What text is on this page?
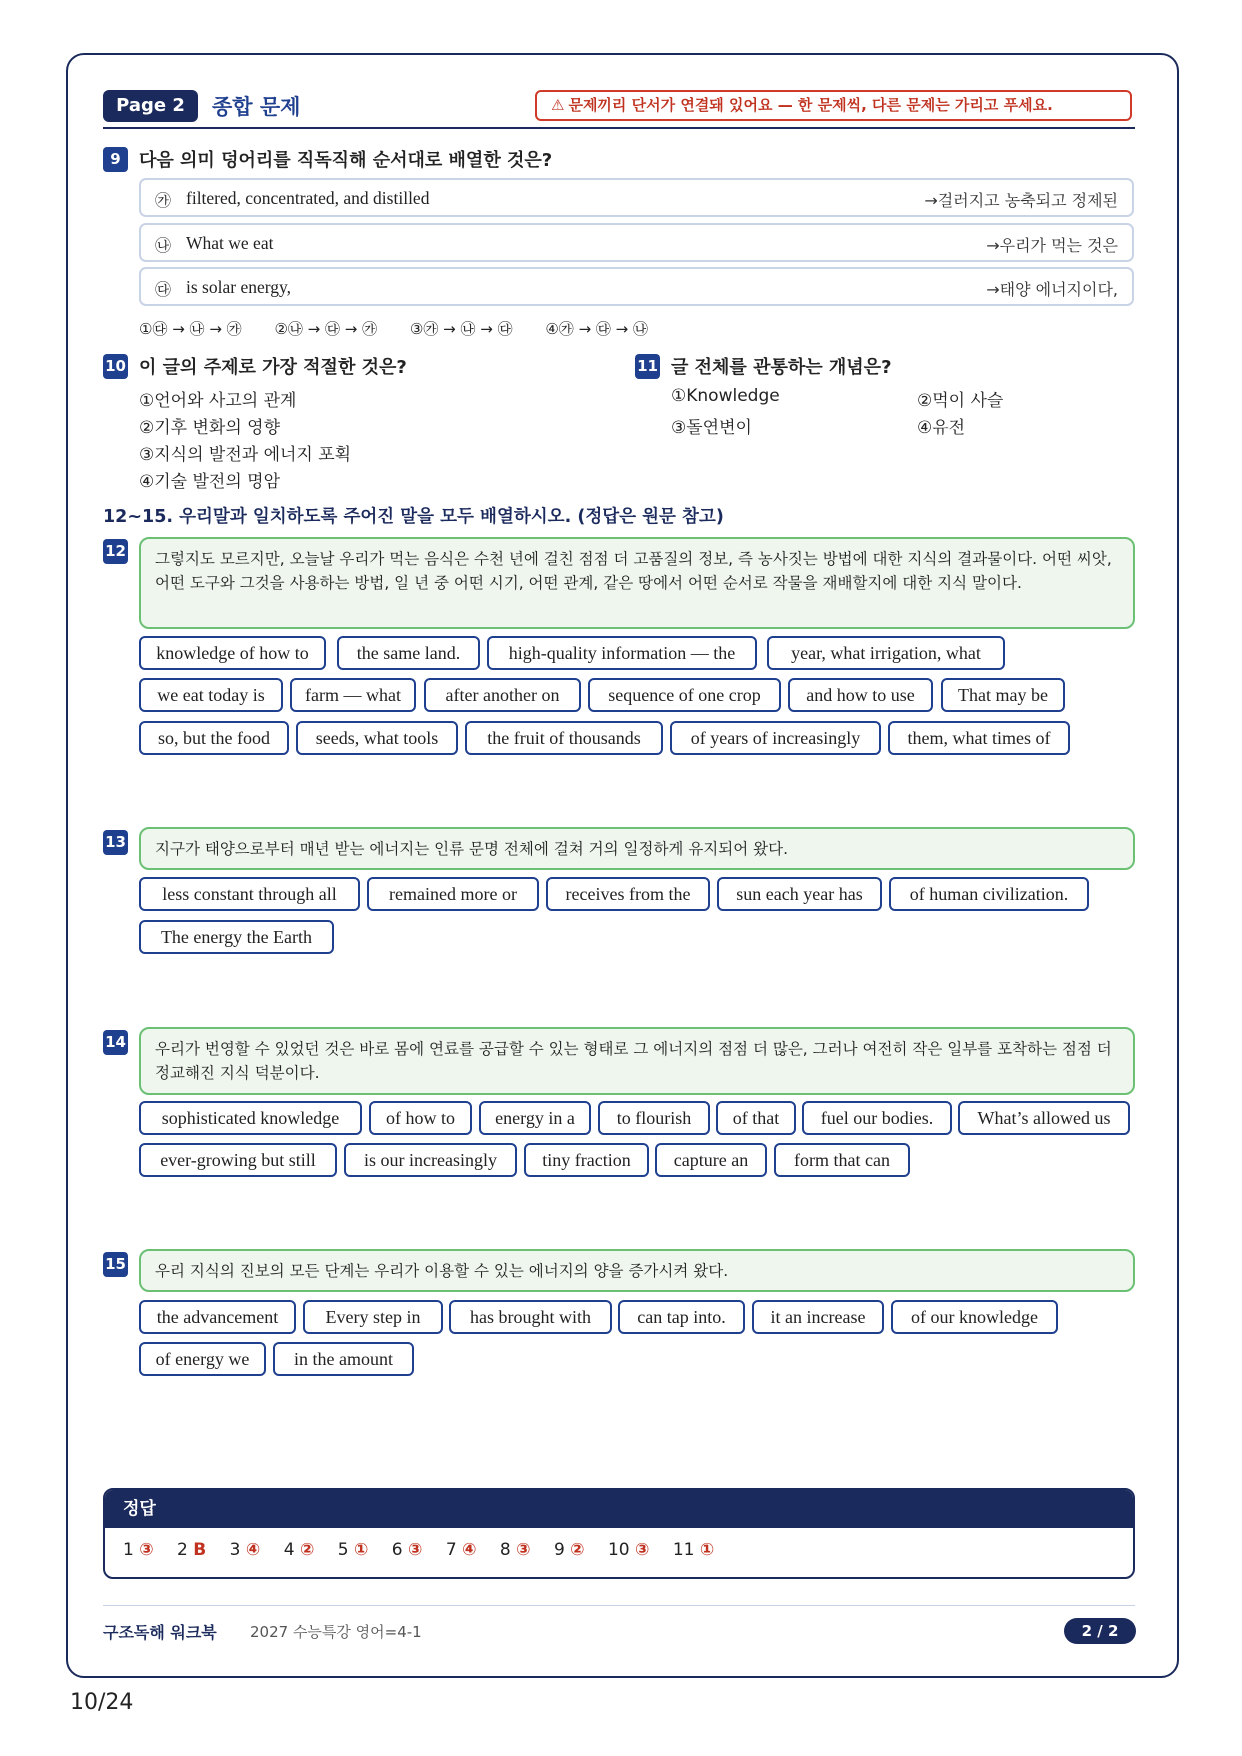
Page 2	종합 문제	⚠ 문제끼리 단서가 연결돼 있어요 — 한 문제씩, 다른 문제는 가리고 푸세요.
9	다음 의미 덩어리를 직독직해 순서대로 배열한 것은?
㉮ filtered, concentrated, and distilled	→걸러지고 농축되고 정제된
㉯ What we eat	→우리가 먹는 것은
㉰ is solar energy,	→태양 에너지이다,
①㉰ → ㉯ → ㉮ ②㉯ → ㉰ → ㉮ ③㉮ → ㉯ → ㉰ ④㉮ → ㉰ → ㉯
10 이 글의 주제로 가장 적절한 것은?
①언어와 사고의 관계
②기후 변화의 영향
③지식의 발전과 에너지 포획
④기술 발전의 명암
11 글 전체를 관통하는 개념은?
①Knowledge	②먹이 사슬
③돌연변이	④유전
12~15. 우리말과 일치하도록 주어진 말을 모두 배열하시오. (정답은 원문 참고)
12	그렇지도 모르지만, 오늘날 우리가 먹는 음식은 수천 년에 걸친 점점 더 고품질의 정보, 즉 농사짓는 방법에 대한 지식의 결과물이다. 어떤 씨앗, 어떤 도구와 그것을 사용하는 방법, 일 년 중 어떤 시기, 어떤 관계, 같은 땅에서 어떤 순서로 작물을 재배할지에 대한 지식 말이다.
knowledge of how to	the same land.	high-quality information — the	year, what irrigation, what
we eat today is	farm — what	after another on	sequence of one crop	and how to use	That may be
so, but the food	seeds, what tools	the fruit of thousands	of years of increasingly	them, what times of
13	지구가 태양으로부터 매년 받는 에너지는 인류 문명 전체에 걸쳐 거의 일정하게 유지되어 왔다.
less constant through all	remained more or	receives from the	sun each year has	of human civilization.
The energy the Earth
14	우리가 번영할 수 있었던 것은 바로 몸에 연료를 공급할 수 있는 형태로 그 에너지의 점점 더 많은, 그러나 여전히 작은 일부를 포착하는 점점 더 정교해진 지식 덕분이다.
sophisticated knowledge	of how to	energy in a	to flourish	of that	fuel our bodies.	What’s allowed us
ever-growing but still	is our increasingly	tiny fraction	capture an	form that can
15	우리 지식의 진보의 모든 단계는 우리가 이용할 수 있는 에너지의 양을 증가시켜 왔다.
the advancement	Every step in	has brought with	can tap into.	it an increase	of our knowledge
of energy we	in the amount
정답
1 ③ 2 B 3 ④ 4 ② 5 ① 6 ③ 7 ④ 8 ③ 9 ② 10 ③ 11 ①
구조독해 워크북 2027 수능특강 영어=4-1	2 / 2
10/24
